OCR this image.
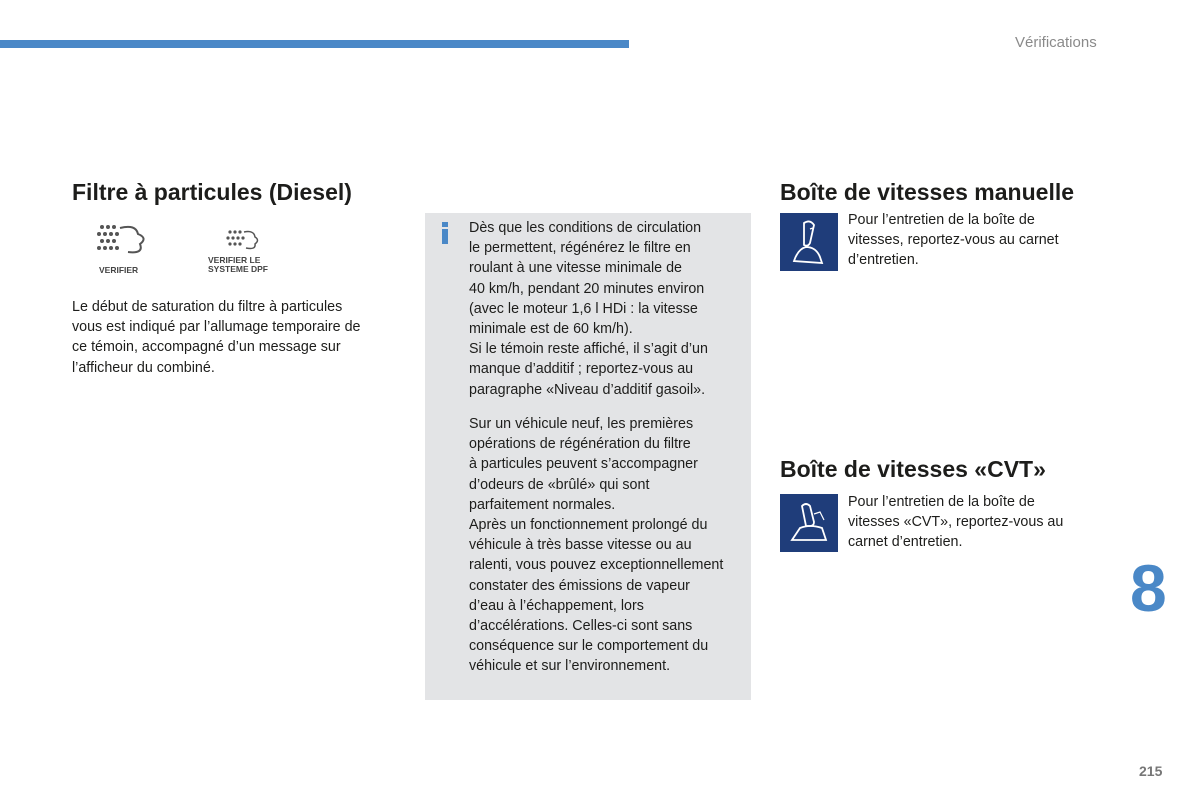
Vérifications
Filtre à particules (Diesel)
VERIFIER
VERIFIER LE
SYSTEME DPF
Le début de saturation du filtre à particules
vous est indiqué par l’allumage temporaire de
ce témoin, accompagné d’un message sur
l’afficheur du combiné.
Dès que les conditions de circulation
le permettent, régénérez le filtre en
roulant à une vitesse minimale de
40 km/h, pendant 20 minutes environ
(avec le moteur 1,6 l HDi : la vitesse
minimale est de 60 km/h).
Si le témoin reste affiché, il s’agit d’un
manque d’additif ; reportez-vous au
paragraphe «Niveau d’additif gasoil».
Sur un véhicule neuf, les premières
opérations de régénération du filtre
à particules peuvent s’accompagner
d’odeurs de «brûlé» qui sont
parfaitement normales.
Après un fonctionnement prolongé du
véhicule à très basse vitesse ou au
ralenti, vous pouvez exceptionnellement
constater des émissions de vapeur
d’eau à l’échappement, lors
d’accélérations. Celles-ci sont sans
conséquence sur le comportement du
véhicule et sur l’environnement.
Boîte de vitesses manuelle
Pour l’entretien de la boîte de
vitesses, reportez-vous au carnet
d’entretien.
Boîte de vitesses «CVT»
Pour l’entretien de la boîte de
vitesses «CVT», reportez-vous au
carnet d’entretien.
8
215
